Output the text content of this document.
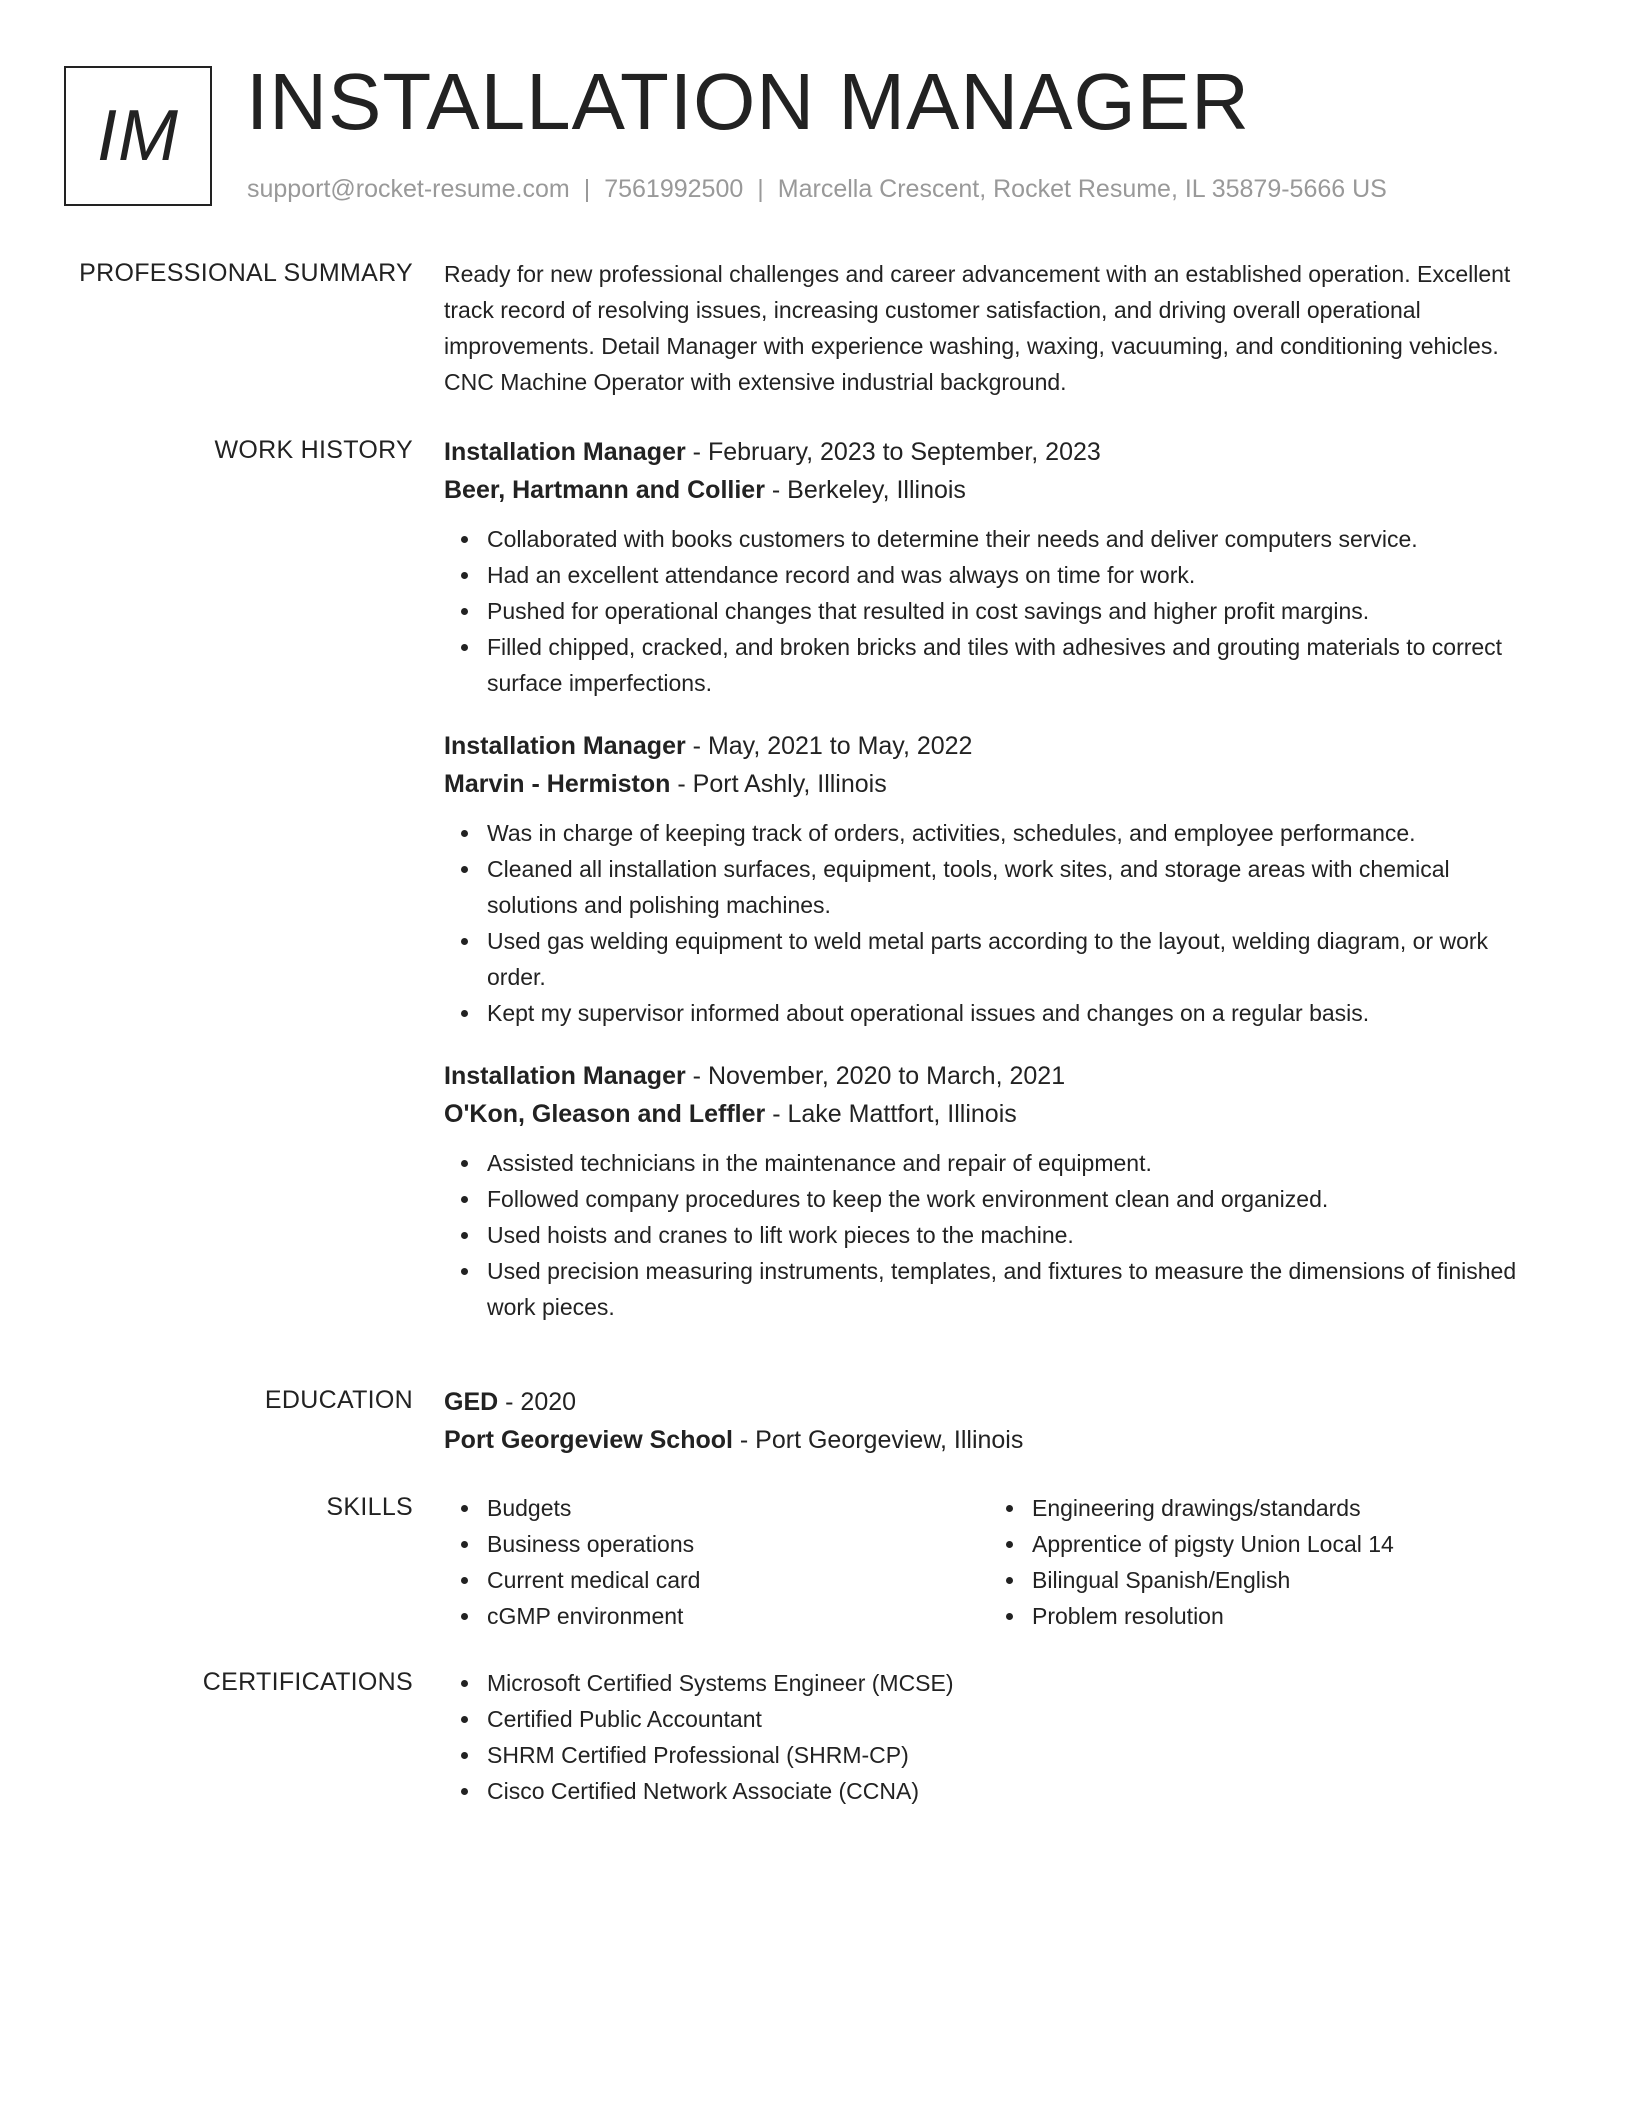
IM INSTALLATION MANAGER
support@rocket-resume.com | 7561992500 | Marcella Crescent, Rocket Resume, IL 35879-5666 US
PROFESSIONAL SUMMARY Ready for new professional challenges and career advancement with an established operation. Excellent track record of resolving issues, increasing customer satisfaction, and driving overall operational improvements. Detail Manager with experience washing, waxing, vacuuming, and conditioning vehicles. CNC Machine Operator with extensive industrial background.

WORK HISTORY Installation Manager - February, 2023 to September, 2023
Beer, Hartmann and Collier - Berkeley, Illinois
Collaborated with books customers to determine their needs and deliver computers service.
Had an excellent attendance record and was always on time for work.
Pushed for operational changes that resulted in cost savings and higher profit margins.
Filled chipped, cracked, and broken bricks and tiles with adhesives and grouting materials to correct surface imperfections.
Installation Manager - May, 2021 to May, 2022
Marvin - Hermiston - Port Ashly, Illinois
Was in charge of keeping track of orders, activities, schedules, and employee performance.
Cleaned all installation surfaces, equipment, tools, work sites, and storage areas with chemical solutions and polishing machines.
Used gas welding equipment to weld metal parts according to the layout, welding diagram, or work order.
Kept my supervisor informed about operational issues and changes on a regular basis.
Installation Manager - November, 2020 to March, 2021
O'Kon, Gleason and Leffler - Lake Mattfort, Illinois
Assisted technicians in the maintenance and repair of equipment.
Followed company procedures to keep the work environment clean and organized.
Used hoists and cranes to lift work pieces to the machine.
Used precision measuring instruments, templates, and fixtures to measure the dimensions of finished work pieces.
EDUCATION GED - 2020
Port Georgeview School - Port Georgeview, Illinois
SKILLS	Budgets
Business operations
Current medical card
cGMP environment
Engineering drawings/standards
Apprentice of pigsty Union Local 14
Bilingual Spanish/English
Problem resolution
CERTIFICATIONS	Microsoft Certified Systems Engineer (MCSE)
Certified Public Accountant
SHRM Certified Professional (SHRM-CP)
Cisco Certified Network Associate (CCNA)
